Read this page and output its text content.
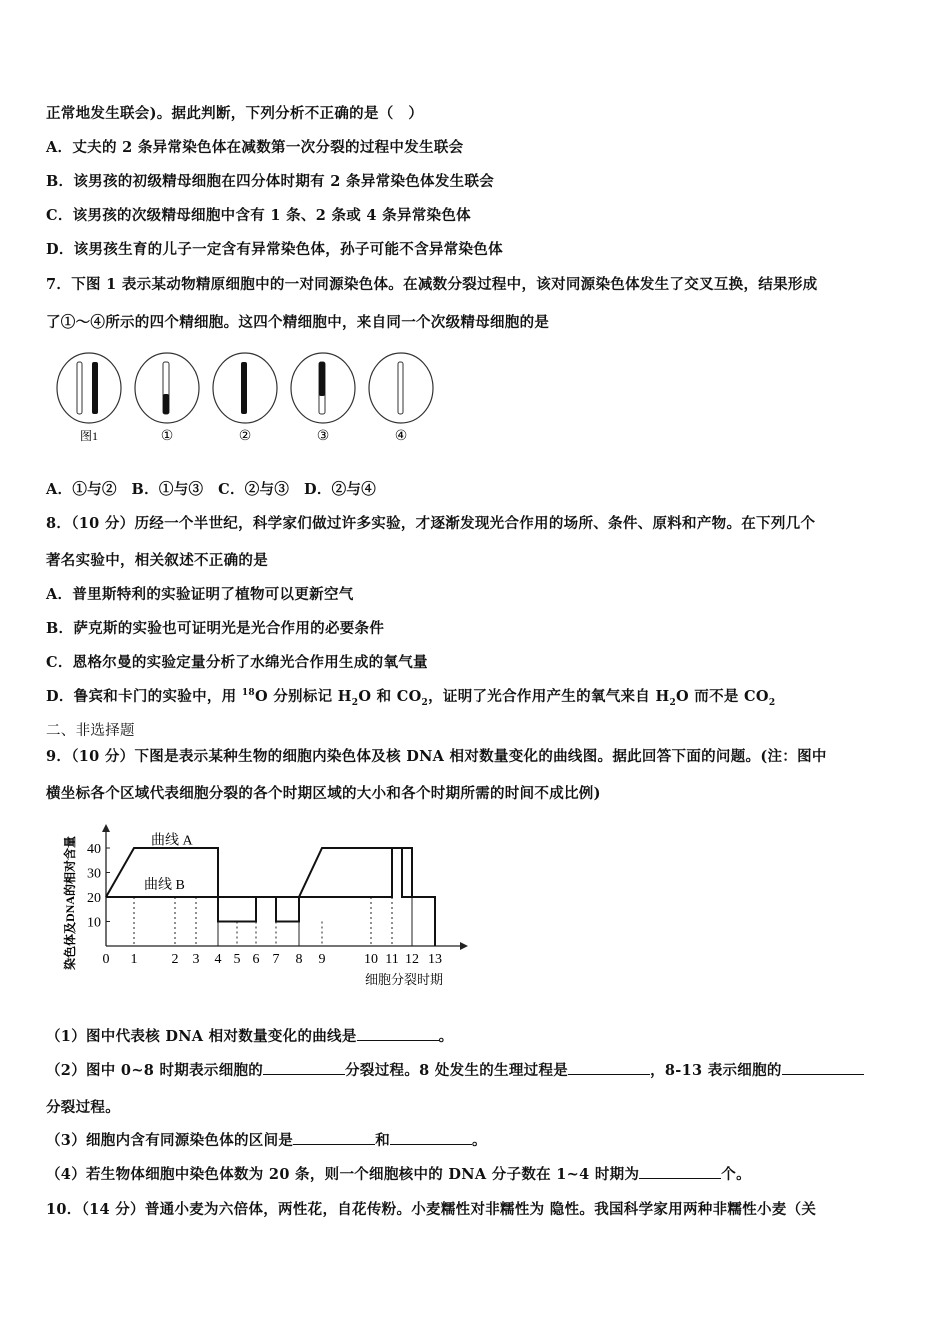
正常地发生联会)。据此判断，下列分析不正确的是（　）
A．丈夫的 2 条异常染色体在减数第一次分裂的过程中发生联会
B．该男孩的初级精母细胞在四分体时期有 2 条异常染色体发生联会
C．该男孩的次级精母细胞中含有 1 条、2 条或 4 条异常染色体
D．该男孩生育的儿子一定含有异常染色体，孙子可能不含异常染色体
7．下图 1 表示某动物精原细胞中的一对同源染色体。在减数分裂过程中，该对同源染色体发生了交叉互换，结果形成
了①～④所示的四个精细胞。这四个精细胞中，来自同一个次级精母细胞的是
图1	①	②	③	④
A．①与②　B．①与③　C．②与③　D．②与④
8．（10 分）历经一个半世纪，科学家们做过许多实验，才逐渐发现光合作用的场所、条件、原料和产物。在下列几个
著名实验中，相关叙述不正确的是
A．普里斯特利的实验证明了植物可以更新空气
B．萨克斯的实验也可证明光是光合作用的必要条件
C．恩格尔曼的实验定量分析了水绵光合作用生成的氧气量
D．鲁宾和卡门的实验中，用 $^{18}$O 分别标记 $H_2O$ 和 $CO_2$，证明了光合作用产生的氧气来自 $H_2O$ 而不是 $CO_2$
二、非选择题
9．（10 分）下图是表示某种生物的细胞内染色体及核 DNA 相对数量变化的曲线图。据此回答下面的问题。(注：图中
横坐标各个区域代表细胞分裂的各个时期区域的大小和各个时期所需的时间不成比例)
10
20
30
40
0 1 2 3 4 5 6 7 8 9	10 11 12 13
曲线 A
曲线 B
细胞分裂时期
染色体及DNA的相对含量
（1）图中代表核 DNA 相对数量变化的曲线是	。
（2）图中 0~8 时期表示细胞的	分裂过程。8 处发生的生理过程是	，8-13 表示细胞的
分裂过程。
（3）细胞内含有同源染色体的区间是	和	。
（4）若生物体细胞中染色体数为 20 条，则一个细胞核中的 DNA 分子数在 1~4 时期为	个。
10．（14 分）普通小麦为六倍体，两性花，自花传粉。小麦糯性对非糯性为 隐性。我国科学家用两种非糯性小麦（关
